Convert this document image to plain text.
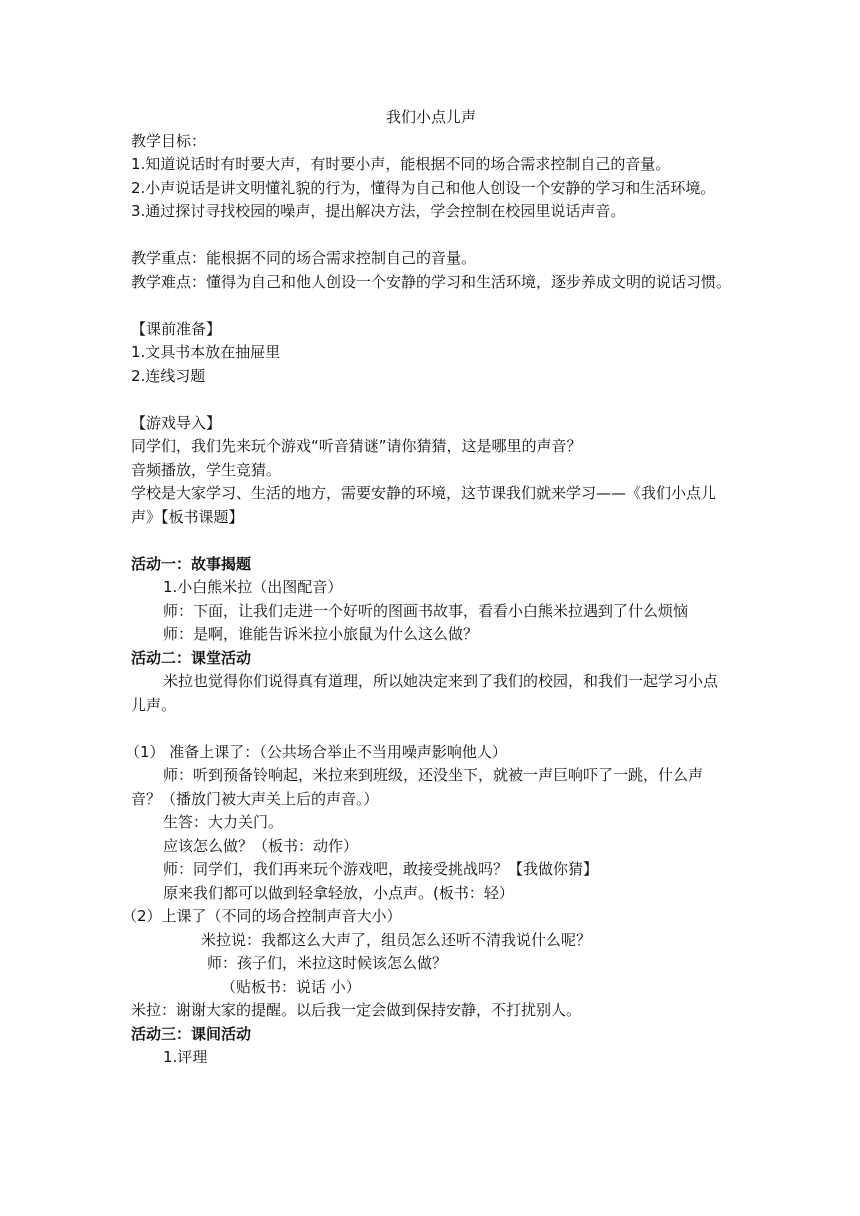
我们小点儿声
教学目标：
1.知道说话时有时要大声，有时要小声，能根据不同的场合需求控制自己的音量。
2.小声说话是讲文明懂礼貌的行为，懂得为自己和他人创设一个安静的学习和生活环境。
3.通过探讨寻找校园的噪声，提出解决方法，学会控制在校园里说话声音。
教学重点：能根据不同的场合需求控制自己的音量。
教学难点：懂得为自己和他人创设一个安静的学习和生活环境，逐步养成文明的说话习惯。
【课前准备】
1.文具书本放在抽屉里
2.连线习题
【游戏导入】
同学们，我们先来玩个游戏“听音猜谜”请你猜猜，这是哪里的声音？
音频播放，学生竞猜。
学校是大家学习、生活的地方，需要安静的环境，这节课我们就来学习——《我们小点儿声》【板书课题】
活动一：故事揭题
1.小白熊米拉（出图配音）
师：下面，让我们走进一个好听的图画书故事，看看小白熊米拉遇到了什么烦恼
师：是啊，谁能告诉米拉小旅鼠为什么这么做？
活动二：课堂活动
米拉也觉得你们说得真有道理，所以她决定来到了我们的校园，和我们一起学习小点儿声。
（1） 准备上课了：（公共场合举止不当用噪声影响他人）
师：听到预备铃响起，米拉来到班级，还没坐下，就被一声巨响吓了一跳，什么声音？（播放门被大声关上后的声音。）
生答：大力关门。
应该怎么做？（板书：动作）
师：同学们，我们再来玩个游戏吧，敢接受挑战吗？【我做你猜】
原来我们都可以做到轻拿轻放，小点声。(板书：轻）
（2）上课了（不同的场合控制声音大小）
米拉说：我都这么大声了，组员怎么还听不清我说什么呢？
师：孩子们，米拉这时候该怎么做？
（贴板书：说话 小）
米拉：谢谢大家的提醒。以后我一定会做到保持安静，不打扰别人。
活动三：课间活动
1.评理
